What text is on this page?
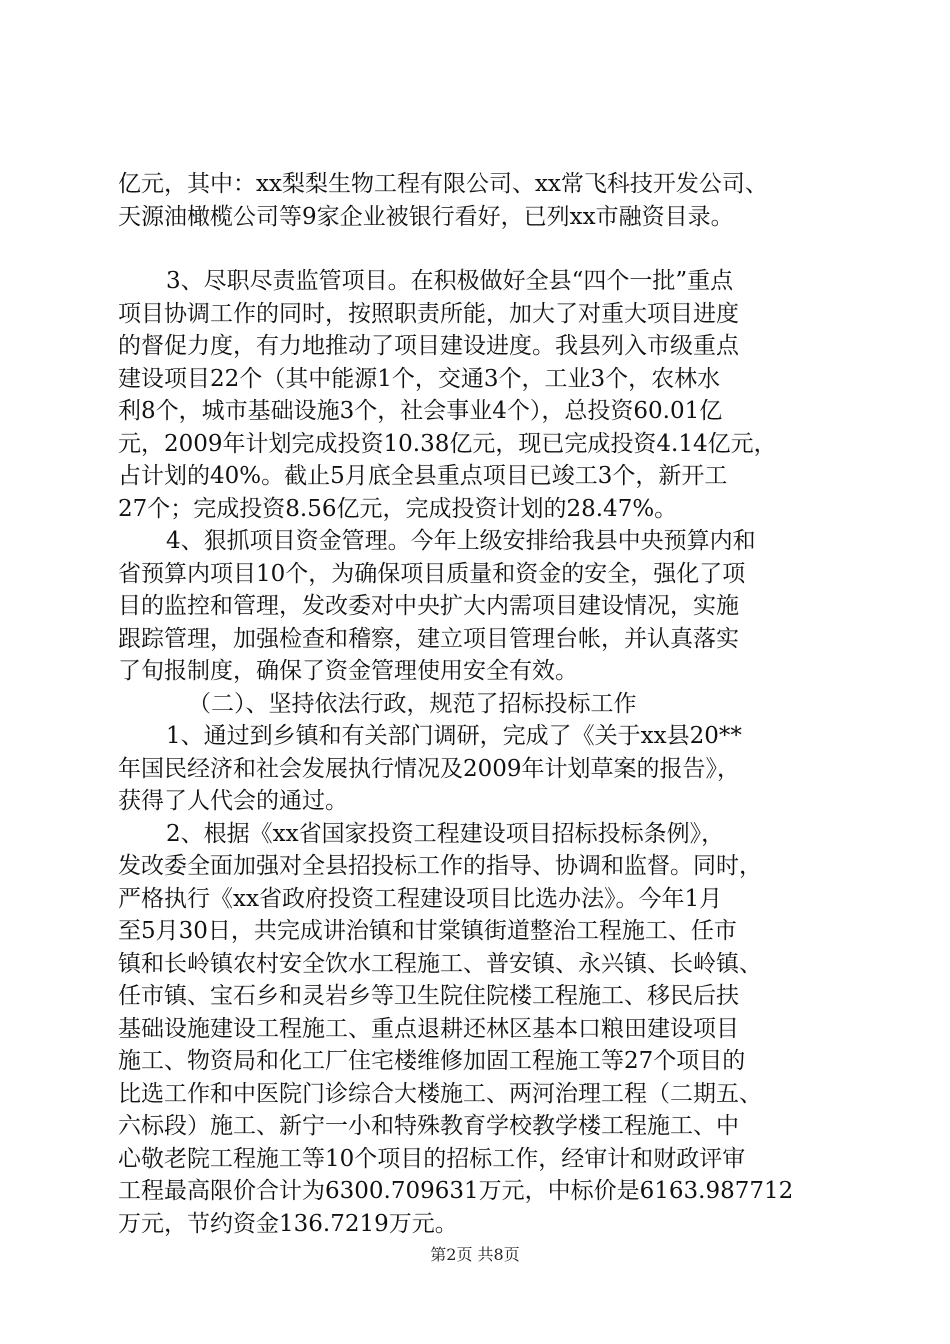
亿元，其中：xx梨梨生物工程有限公司、xx常飞科技开发公司、
天源油橄榄公司等9家企业被银行看好，已列xx市融资目录。

3、尽职尽责监管项目。在积极做好全县“四个一批”重点
项目协调工作的同时，按照职责所能，加大了对重大项目进度
的督促力度，有力地推动了项目建设进度。我县列入市级重点
建设项目22个（其中能源1个，交通3个，工业3个，农林水
利8个，城市基础设施3个，社会事业4个），总投资60.01亿
元，2009年计划完成投资10.38亿元，现已完成投资4.14亿元，
占计划的40%。截止5月底全县重点项目已竣工3个，新开工
27个；完成投资8.56亿元，完成投资计划的28.47%。

4、狠抓项目资金管理。今年上级安排给我县中央预算内和
省预算内项目10个，为确保项目质量和资金的安全，强化了项
目的监控和管理，发改委对中央扩大内需项目建设情况，实施
跟踪管理，加强检查和稽察，建立项目管理台帐，并认真落实
了旬报制度，确保了资金管理使用安全有效。

（二）、坚持依法行政，规范了招标投标工作

1、通过到乡镇和有关部门调研，完成了《关于xx县20**
年国民经济和社会发展执行情况及2009年计划草案的报告》，
获得了人代会的通过。

2、根据《xx省国家投资工程建设项目招标投标条例》，
发改委全面加强对全县招投标工作的指导、协调和监督。同时，
严格执行《xx省政府投资工程建设项目比选办法》。今年1月
至5月30日，共完成讲治镇和甘棠镇街道整治工程施工、任市
镇和长岭镇农村安全饮水工程施工、普安镇、永兴镇、长岭镇、
任市镇、宝石乡和灵岩乡等卫生院住院楼工程施工、移民后扶
基础设施建设工程施工、重点退耕还林区基本口粮田建设项目
施工、物资局和化工厂住宅楼维修加固工程施工等27个项目的
比选工作和中医院门诊综合大楼施工、两河治理工程（二期五、
六标段）施工、新宁一小和特殊教育学校教学楼工程施工、中
心敬老院工程施工等10个项目的招标工作，经审计和财政评审
工程最高限价合计为6300.709631万元，中标价是6163.987712
万元，节约资金136.7219万元。

第2页 共8页
